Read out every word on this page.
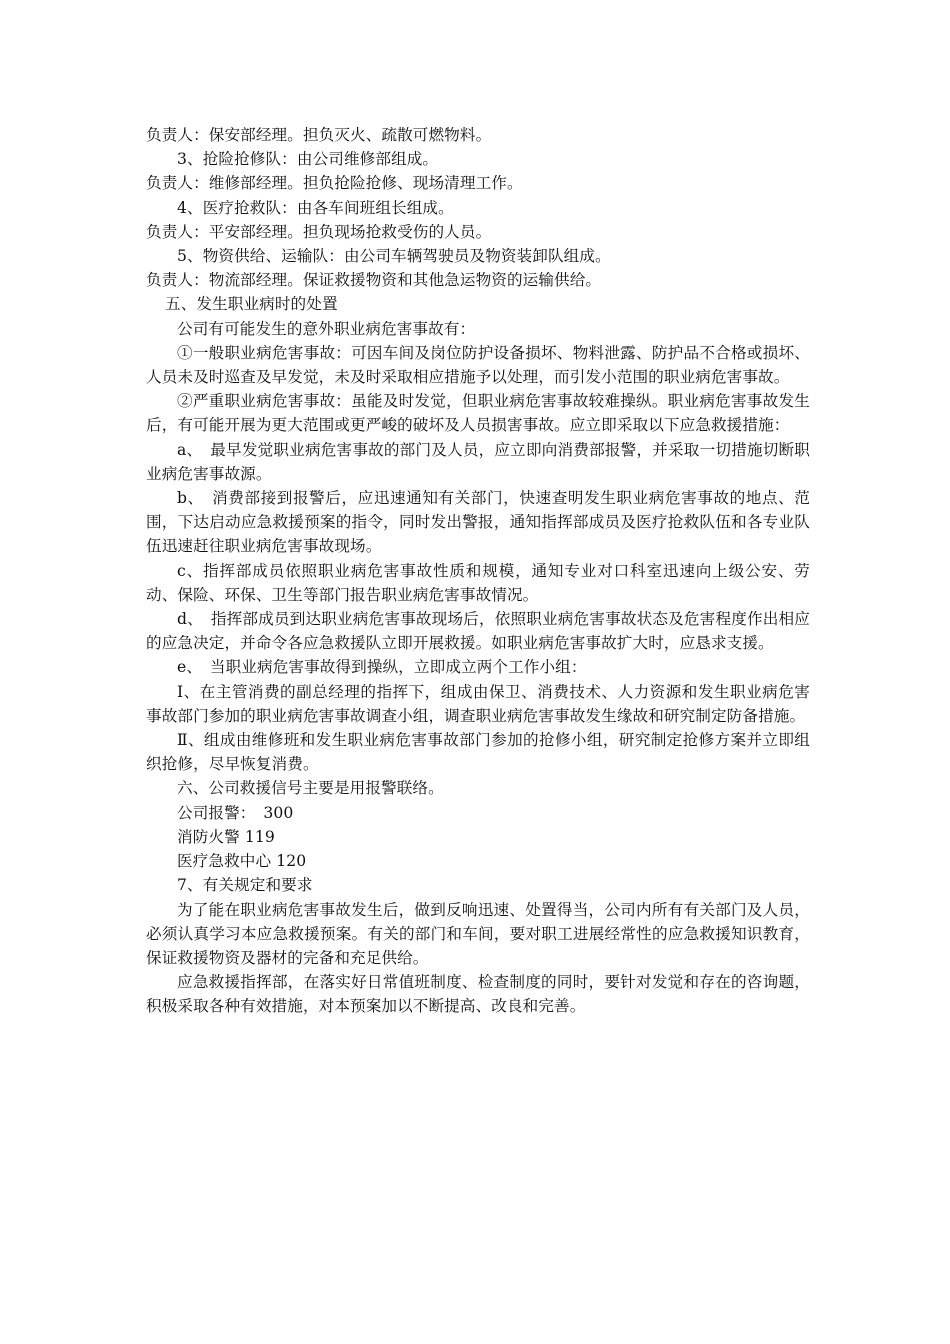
负责人：保安部经理。担负灭火、疏散可燃物料。

3、抢险抢修队：由公司维修部组成。

负责人：维修部经理。担负抢险抢修、现场清理工作。

4、医疗抢救队：由各车间班组长组成。

负责人：平安部经理。担负现场抢救受伤的人员。

5、物资供给、运输队：由公司车辆驾驶员及物资装卸队组成。

负责人：物流部经理。保证救援物资和其他急运物资的运输供给。

五、发生职业病时的处置

公司有可能发生的意外职业病危害事故有：

①一般职业病危害事故：可因车间及岗位防护设备损坏、物料泄露、防护品不合格或损坏、人员未及时巡查及早发觉，未及时采取相应措施予以处理，而引发小范围的职业病危害事故。

②严重职业病危害事故：虽能及时发觉，但职业病危害事故较难操纵。职业病危害事故发生后，有可能开展为更大范围或更严峻的破坏及人员损害事故。应立即采取以下应急救援措施：

a、　最早发觉职业病危害事故的部门及人员，应立即向消费部报警，并采取一切措施切断职业病危害事故源。

b、　消费部接到报警后，应迅速通知有关部门，快速查明发生职业病危害事故的地点、范围，下达启动应急救援预案的指令，同时发出警报，通知指挥部成员及医疗抢救队伍和各专业队伍迅速赶往职业病危害事故现场。

c、指挥部成员依照职业病危害事故性质和规模，通知专业对口科室迅速向上级公安、劳动、保险、环保、卫生等部门报告职业病危害事故情况。

d、　指挥部成员到达职业病危害事故现场后，依照职业病危害事故状态及危害程度作出相应的应急决定，并命令各应急救援队立即开展救援。如职业病危害事故扩大时，应恳求支援。

e、　当职业病危害事故得到操纵，立即成立两个工作小组：

Ⅰ、在主管消费的副总经理的指挥下，组成由保卫、消费技术、人力资源和发生职业病危害事故部门参加的职业病危害事故调查小组，调查职业病危害事故发生缘故和研究制定防备措施。

Ⅱ、组成由维修班和发生职业病危害事故部门参加的抢修小组，研究制定抢修方案并立即组织抢修，尽早恢复消费。

六、公司救援信号主要是用报警联络。

公司报警：　300

消防火警 119

医疗急救中心 120

7、有关规定和要求

为了能在职业病危害事故发生后，做到反响迅速、处置得当，公司内所有有关部门及人员，必须认真学习本应急救援预案。有关的部门和车间，要对职工进展经常性的应急救援知识教育，保证救援物资及器材的完备和充足供给。

应急救援指挥部，在落实好日常值班制度、检查制度的同时，要针对发觉和存在的咨询题，积极采取各种有效措施，对本预案加以不断提高、改良和完善。
